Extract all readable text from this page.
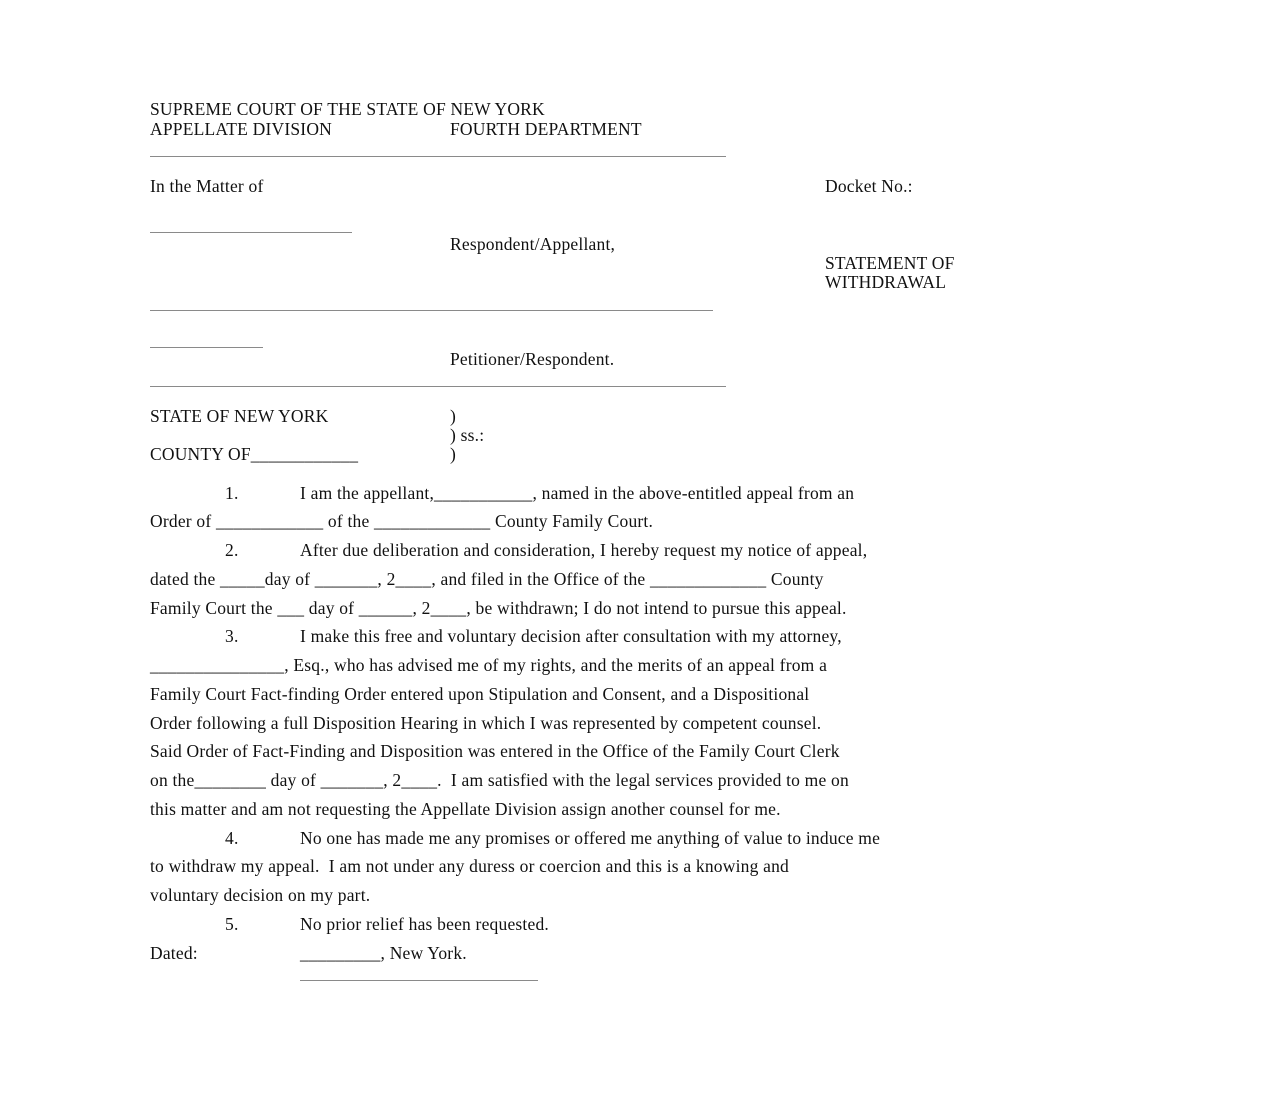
SUPREME COURT OF THE STATE OF NEW YORK
APPELLATE DIVISION	FOURTH DEPARTMENT
In the Matter of	Docket No.:
Respondent/Appellant,
STATEMENT OF
WITHDRAWAL
Petitioner/Respondent.
STATE OF NEW YORK	)
) ss.:
COUNTY OF____________	)
1.	I am the appellant,___________, named in the above-entitled appeal from an
Order of ____________ of the _____________ County Family Court.
2.	After due deliberation and consideration, I hereby request my notice of appeal,
dated the _____day of _______, 2____, and filed in the Office of the _____________ County
Family Court the ___ day of ______, 2____, be withdrawn; I do not intend to pursue this appeal.
3.	I make this free and voluntary decision after consultation with my attorney,
_______________, Esq., who has advised me of my rights, and the merits of an appeal from a
Family Court Fact-finding Order entered upon Stipulation and Consent, and a Dispositional
Order following a full Disposition Hearing in which I was represented by competent counsel.
Said Order of Fact-Finding and Disposition was entered in the Office of the Family Court Clerk
on the________ day of _______, 2____.  I am satisfied with the legal services provided to me on
this matter and am not requesting the Appellate Division assign another counsel for me.
4.	No one has made me any promises or offered me anything of value to induce me
to withdraw my appeal.  I am not under any duress or coercion and this is a knowing and
voluntary decision on my part.
5.	No prior relief has been requested.
Dated:	_________, New York.
